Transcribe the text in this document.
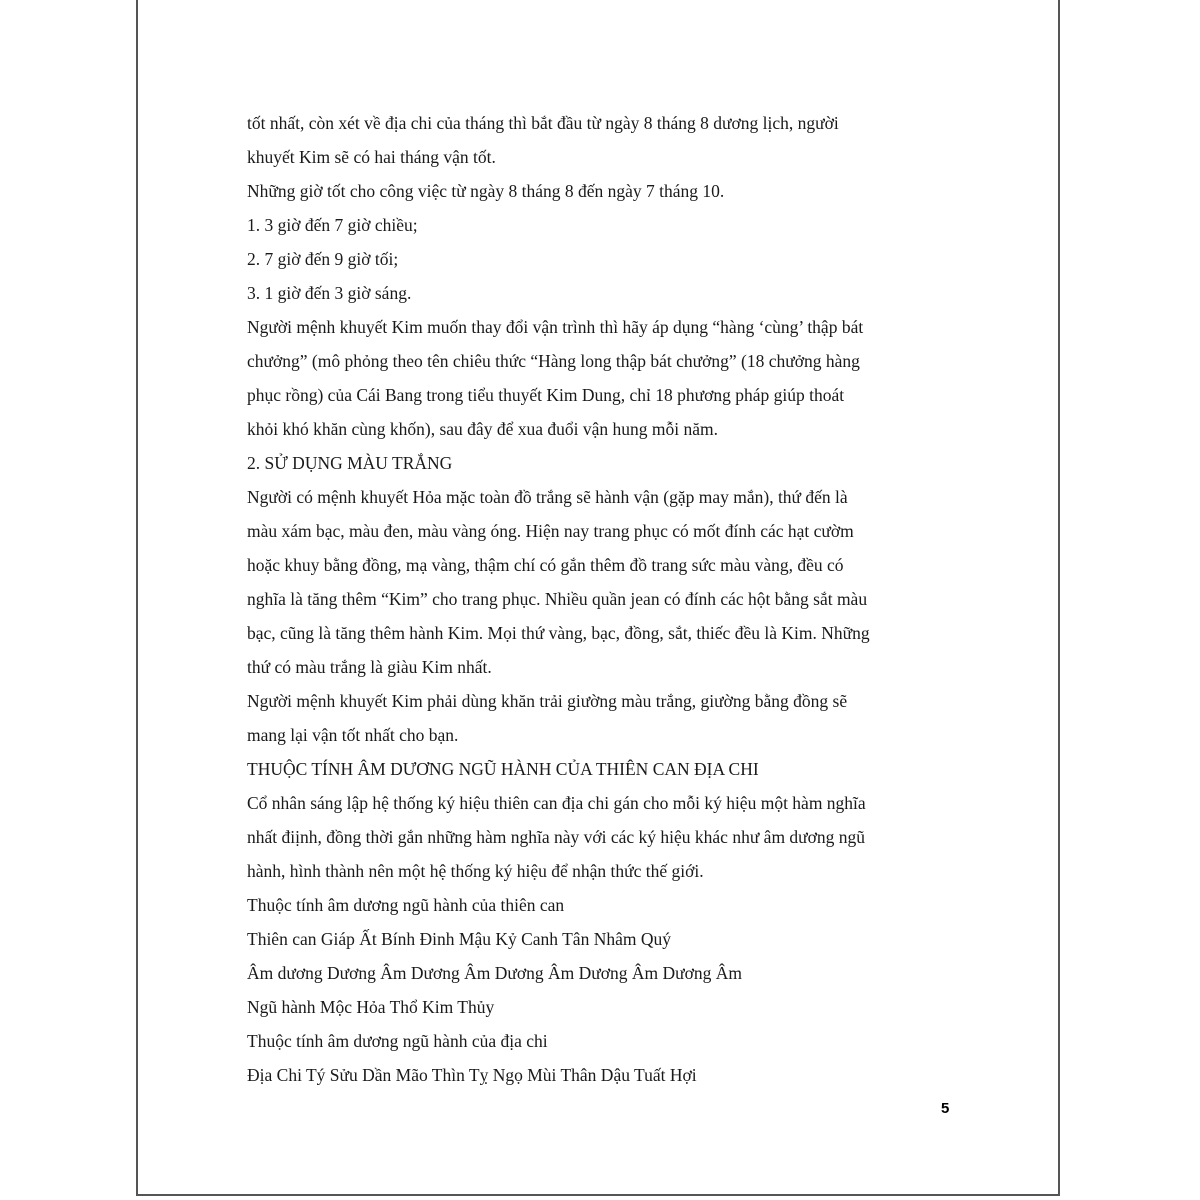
tốt nhất, còn xét về địa chi của tháng thì bắt đầu từ ngày 8 tháng 8 dương lịch, người
khuyết Kim sẽ có hai tháng vận tốt.
Những giờ tốt cho công việc từ ngày 8 tháng 8 đến ngày 7 tháng 10.
1. 3 giờ đến 7 giờ chiều;
2. 7 giờ đến 9 giờ tối;
3. 1 giờ đến 3 giờ sáng.
Người mệnh khuyết Kim muốn thay đổi vận trình thì hãy áp dụng “hàng ‘cùng’ thập bát
chưởng” (mô phỏng theo tên chiêu thức “Hàng long thập bát chưởng” (18 chưởng hàng
phục rồng) của Cái Bang trong tiểu thuyết Kim Dung, chỉ 18 phương pháp giúp thoát
khỏi khó khăn cùng khốn), sau đây để xua đuổi vận hung mỗi năm.
2. SỬ DỤNG MÀU TRẮNG
Người có mệnh khuyết Hỏa mặc toàn đồ trắng sẽ hành vận (gặp may mắn), thứ đến là
màu xám bạc, màu đen, màu vàng óng. Hiện nay trang phục có mốt đính các hạt cườm
hoặc khuy bằng đồng, mạ vàng, thậm chí có gắn thêm đồ trang sức màu vàng, đều có
nghĩa là tăng thêm “Kim” cho trang phục. Nhiều quần jean có đính các hột bằng sắt màu
bạc, cũng là tăng thêm hành Kim. Mọi thứ vàng, bạc, đồng, sắt, thiếc đều là Kim. Những
thứ có màu trắng là giàu Kim nhất.
Người mệnh khuyết Kim phải dùng khăn trải giường màu trắng, giường bằng đồng sẽ
mang lại vận tốt nhất cho bạn.
THUỘC TÍNH ÂM DƯƠNG NGŨ HÀNH CỦA THIÊN CAN ĐỊA CHI
Cổ nhân sáng lập hệ thống ký hiệu thiên can địa chi gán cho mỗi ký hiệu một hàm nghĩa
nhất điịnh, đồng thời gắn những hàm nghĩa này với các ký hiệu khác như âm dương ngũ
hành, hình thành nên một hệ thống ký hiệu để nhận thức thế giới.
Thuộc tính âm dương ngũ hành của thiên can
Thiên can Giáp Ất Bính Đinh Mậu Kỷ Canh Tân Nhâm Quý
Âm dương Dương Âm Dương Âm Dương Âm Dương Âm Dương Âm
Ngũ hành Mộc Hỏa Thổ Kim Thủy
Thuộc tính âm dương ngũ hành của địa chi
Địa Chi Tý Sửu Dần Mão Thìn Tỵ Ngọ Mùi Thân Dậu Tuất Hợi
5
